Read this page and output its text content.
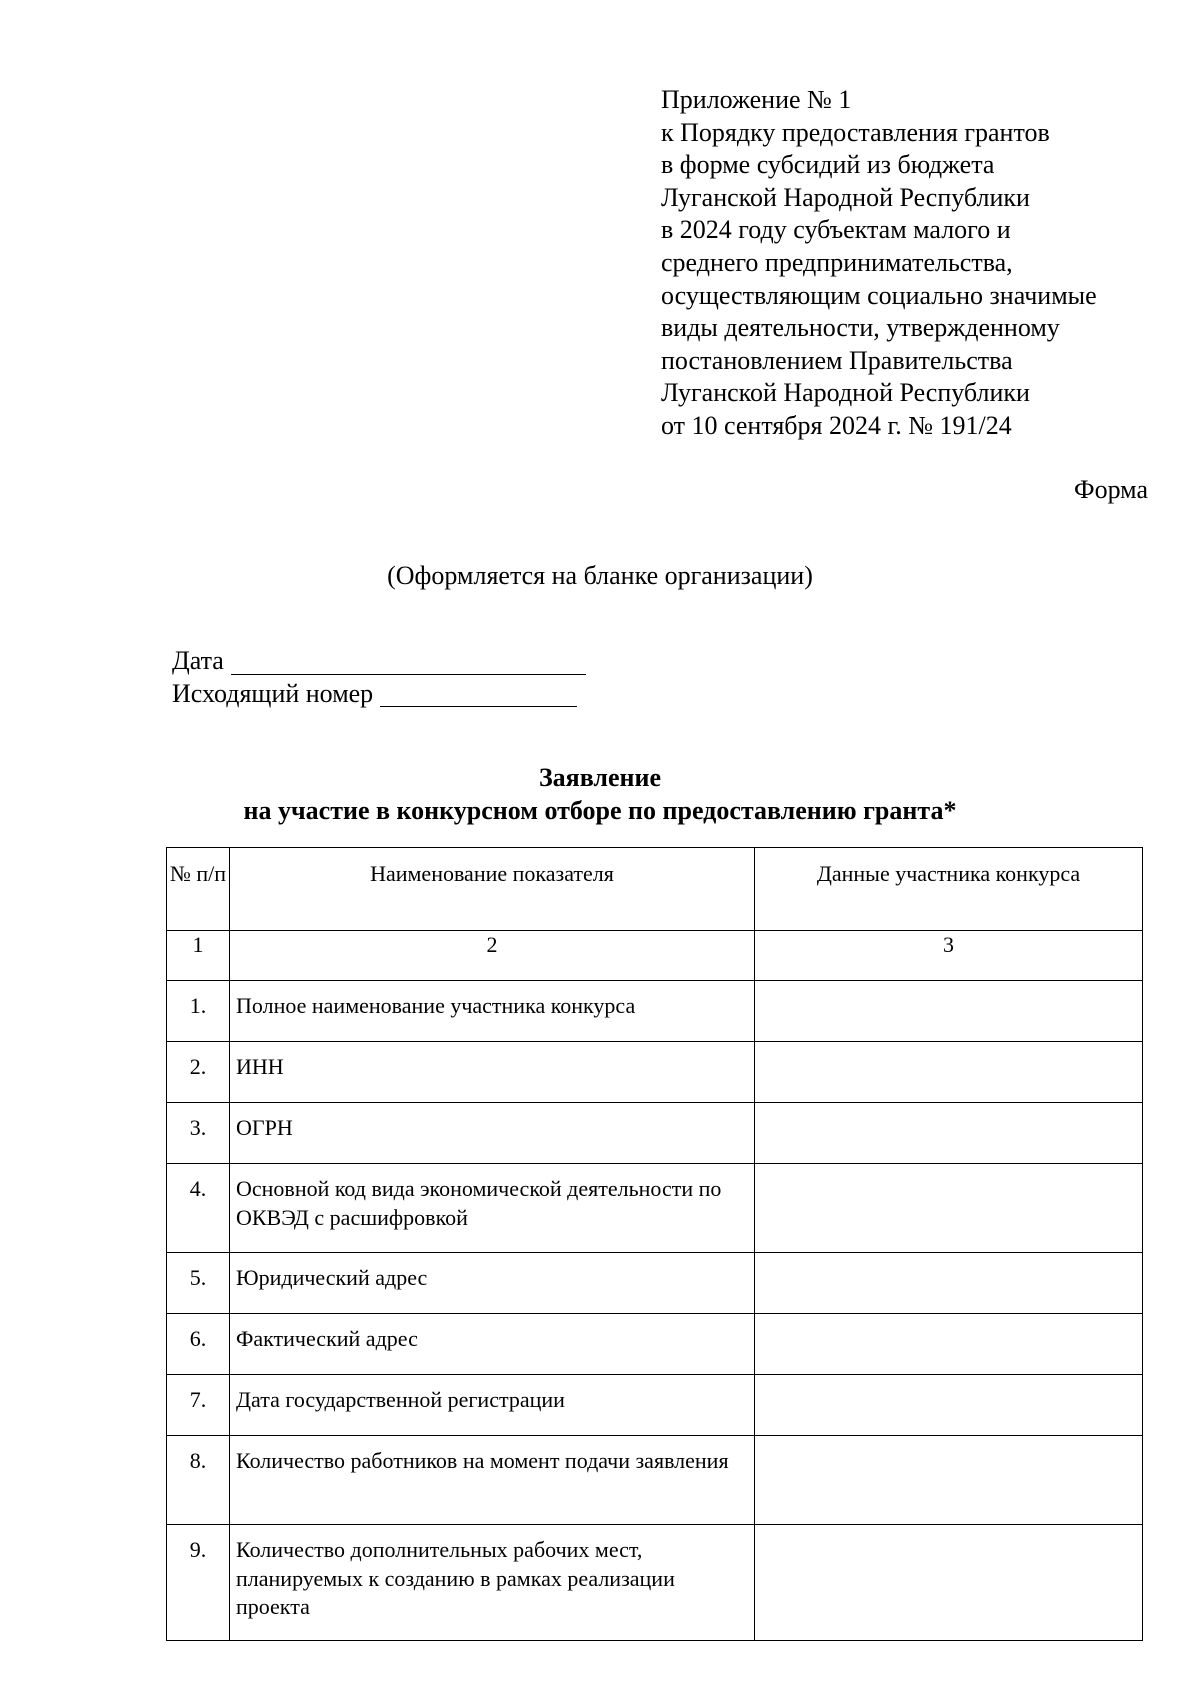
Приложение № 1
к Порядку предоставления грантов
в форме субсидий из бюджета
Луганской Народной Республики
в 2024 году субъектам малого и
среднего предпринимательства,
осуществляющим социально значимые
виды деятельности, утвержденному
постановлением Правительства
Луганской Народной Республики
от 10 сентября 2024 г. № 191/24
Форма
(Оформляется на бланке организации)
Дата
Исходящий номер
Заявление
на участие в конкурсном отборе по предоставлению гранта*
№ п/п	Наименование показателя	Данные участника конкурса
1	2	3
1.	Полное наименование участника конкурса	
2.	ИНН	
3.	ОГРН	
4.	Основной код вида экономической деятельности по ОКВЭД с расшифровкой	
5.	Юридический адрес	
6.	Фактический адрес	
7.	Дата государственной регистрации	
8.	Количество работников на момент подачи заявления	
9.	Количество дополнительных рабочих мест, планируемых к созданию в рамках реализации проекта	
